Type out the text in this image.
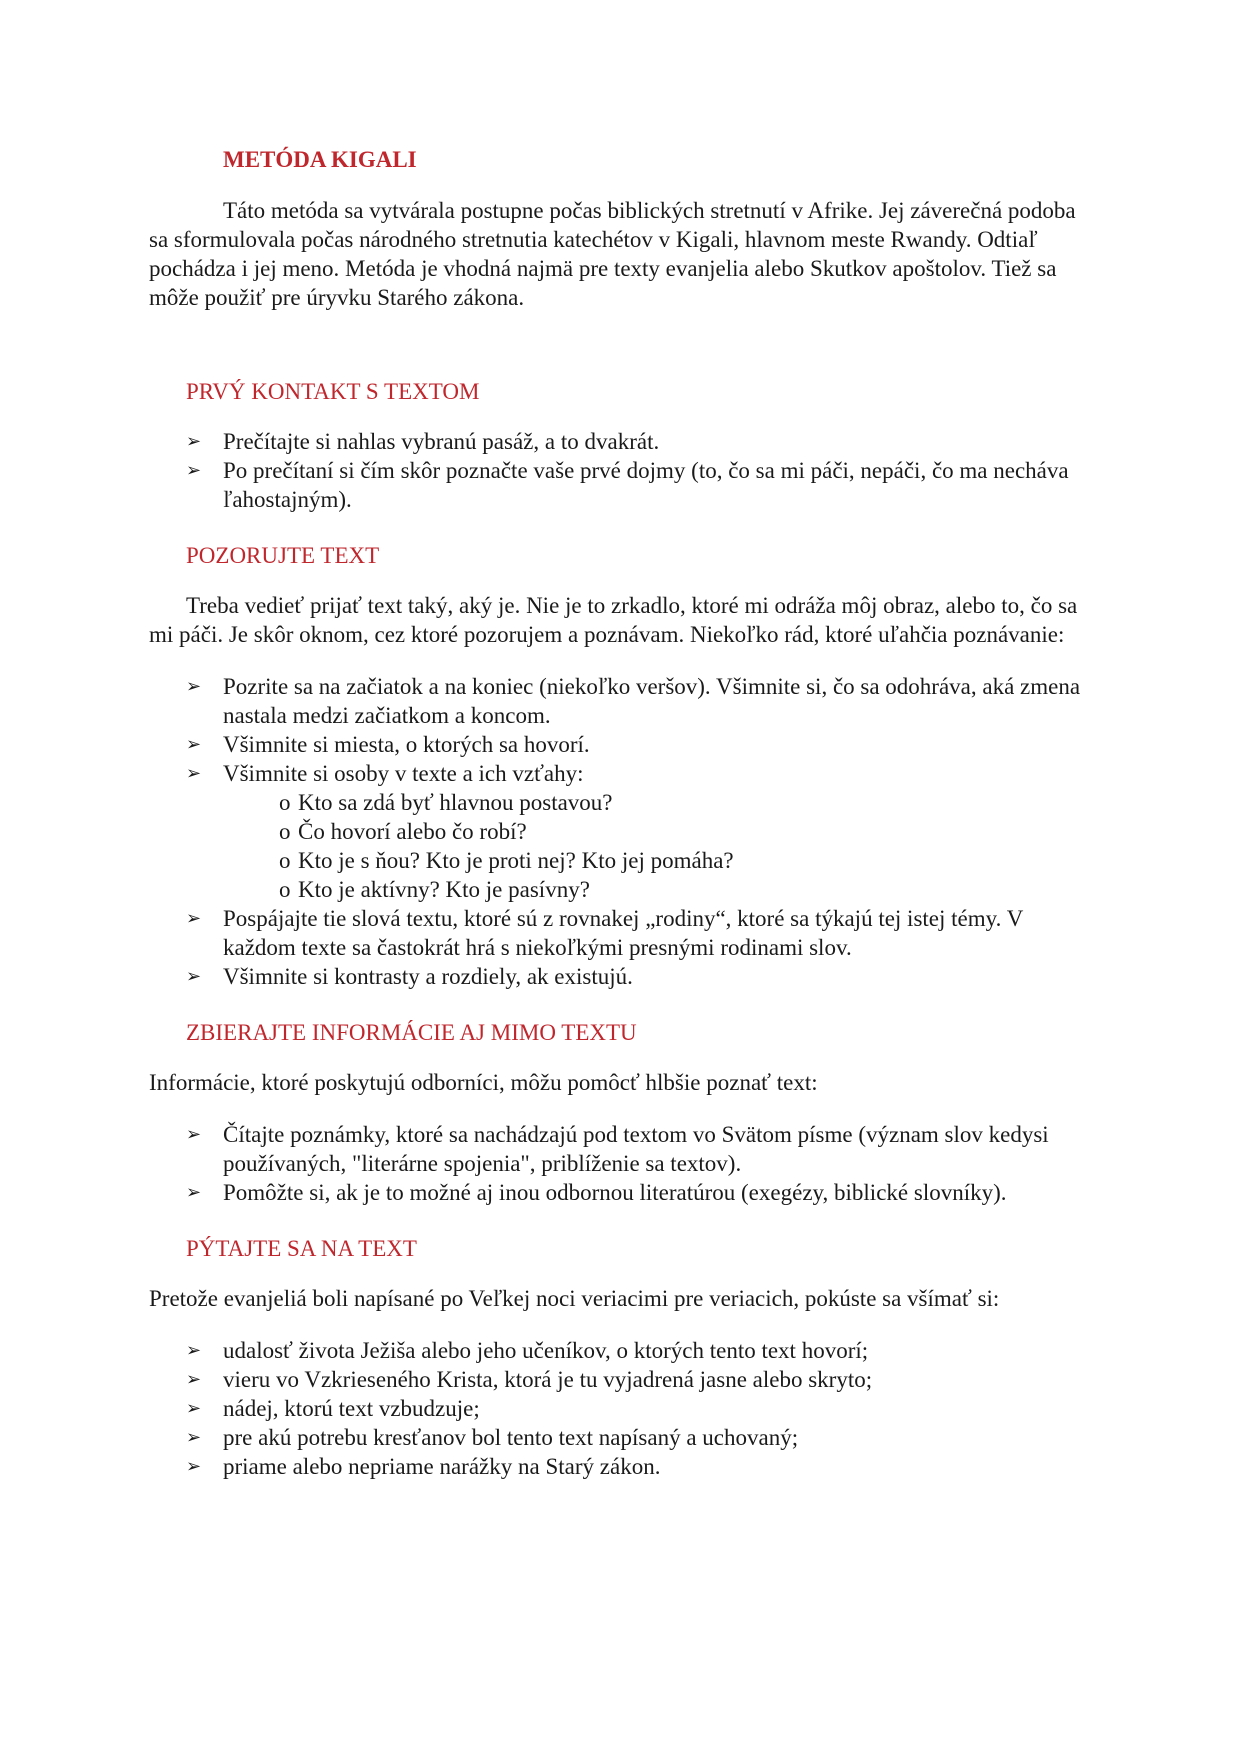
METÓDA KIGALI

Táto metóda sa vytvárala postupne počas biblických stretnutí v Afrike. Jej záverečná podoba sa sformulovala počas národného stretnutia katechétov v Kigali, hlavnom meste Rwandy. Odtiaľ pochádza i jej meno. Metóda je vhodná najmä pre texty evanjelia alebo Skutkov apoštolov. Tiež sa môže použiť pre úryvku Starého zákona.

PRVÝ KONTAKT S TEXTOM
➢ Prečítajte si nahlas vybranú pasáž, a to dvakrát.
➢ Po prečítaní si čím skôr poznačte vaše prvé dojmy (to, čo sa mi páči, nepáči, čo ma necháva ľahostajným).
POZORUJTE TEXT

Treba vedieť prijať text taký, aký je. Nie je to zrkadlo, ktoré mi odráža môj obraz, alebo to, čo sa mi páči. Je skôr oknom, cez ktoré pozorujem a poznávam. Niekoľko rád, ktoré uľahčia poznávanie:

➢ Pozrite sa na začiatok a na koniec (niekoľko veršov). Všimnite si, čo sa odohráva, aká zmena nastala medzi začiatkom a koncom.
➢ Všimnite si miesta, o ktorých sa hovorí.
➢ Všimnite si osoby v texte a ich vzťahy:
o Kto sa zdá byť hlavnou postavou?
o Čo hovorí alebo čo robí?
o Kto je s ňou? Kto je proti nej? Kto jej pomáha?
o Kto je aktívny? Kto je pasívny?
➢ Pospájajte tie slová textu, ktoré sú z rovnakej „rodiny“, ktoré sa týkajú tej istej témy. V každom texte sa častokrát hrá s niekoľkými presnými rodinami slov.
➢ Všimnite si kontrasty a rozdiely, ak existujú.
ZBIERAJTE INFORMÁCIE AJ MIMO TEXTU

Informácie, ktoré poskytujú odborníci, môžu pomôcť hlbšie poznať text:

➢ Čítajte poznámky, ktoré sa nachádzajú pod textom vo Svätom písme (význam slov kedysi používaných, "literárne spojenia", priblíženie sa textov).
➢ Pomôžte si, ak je to možné aj inou odbornou literatúrou (exegézy, biblické slovníky).
PÝTAJTE SA NA TEXT

Pretože evanjeliá boli napísané po Veľkej noci veriacimi pre veriacich, pokúste sa všímať si:

➢ udalosť života Ježiša alebo jeho učeníkov, o ktorých tento text hovorí;
➢ vieru vo Vzkrieseného Krista, ktorá je tu vyjadrená jasne alebo skryto;
➢ nádej, ktorú text vzbudzuje;
➢ pre akú potrebu kresťanov bol tento text napísaný a uchovaný;
➢ priame alebo nepriame narážky na Starý zákon.
